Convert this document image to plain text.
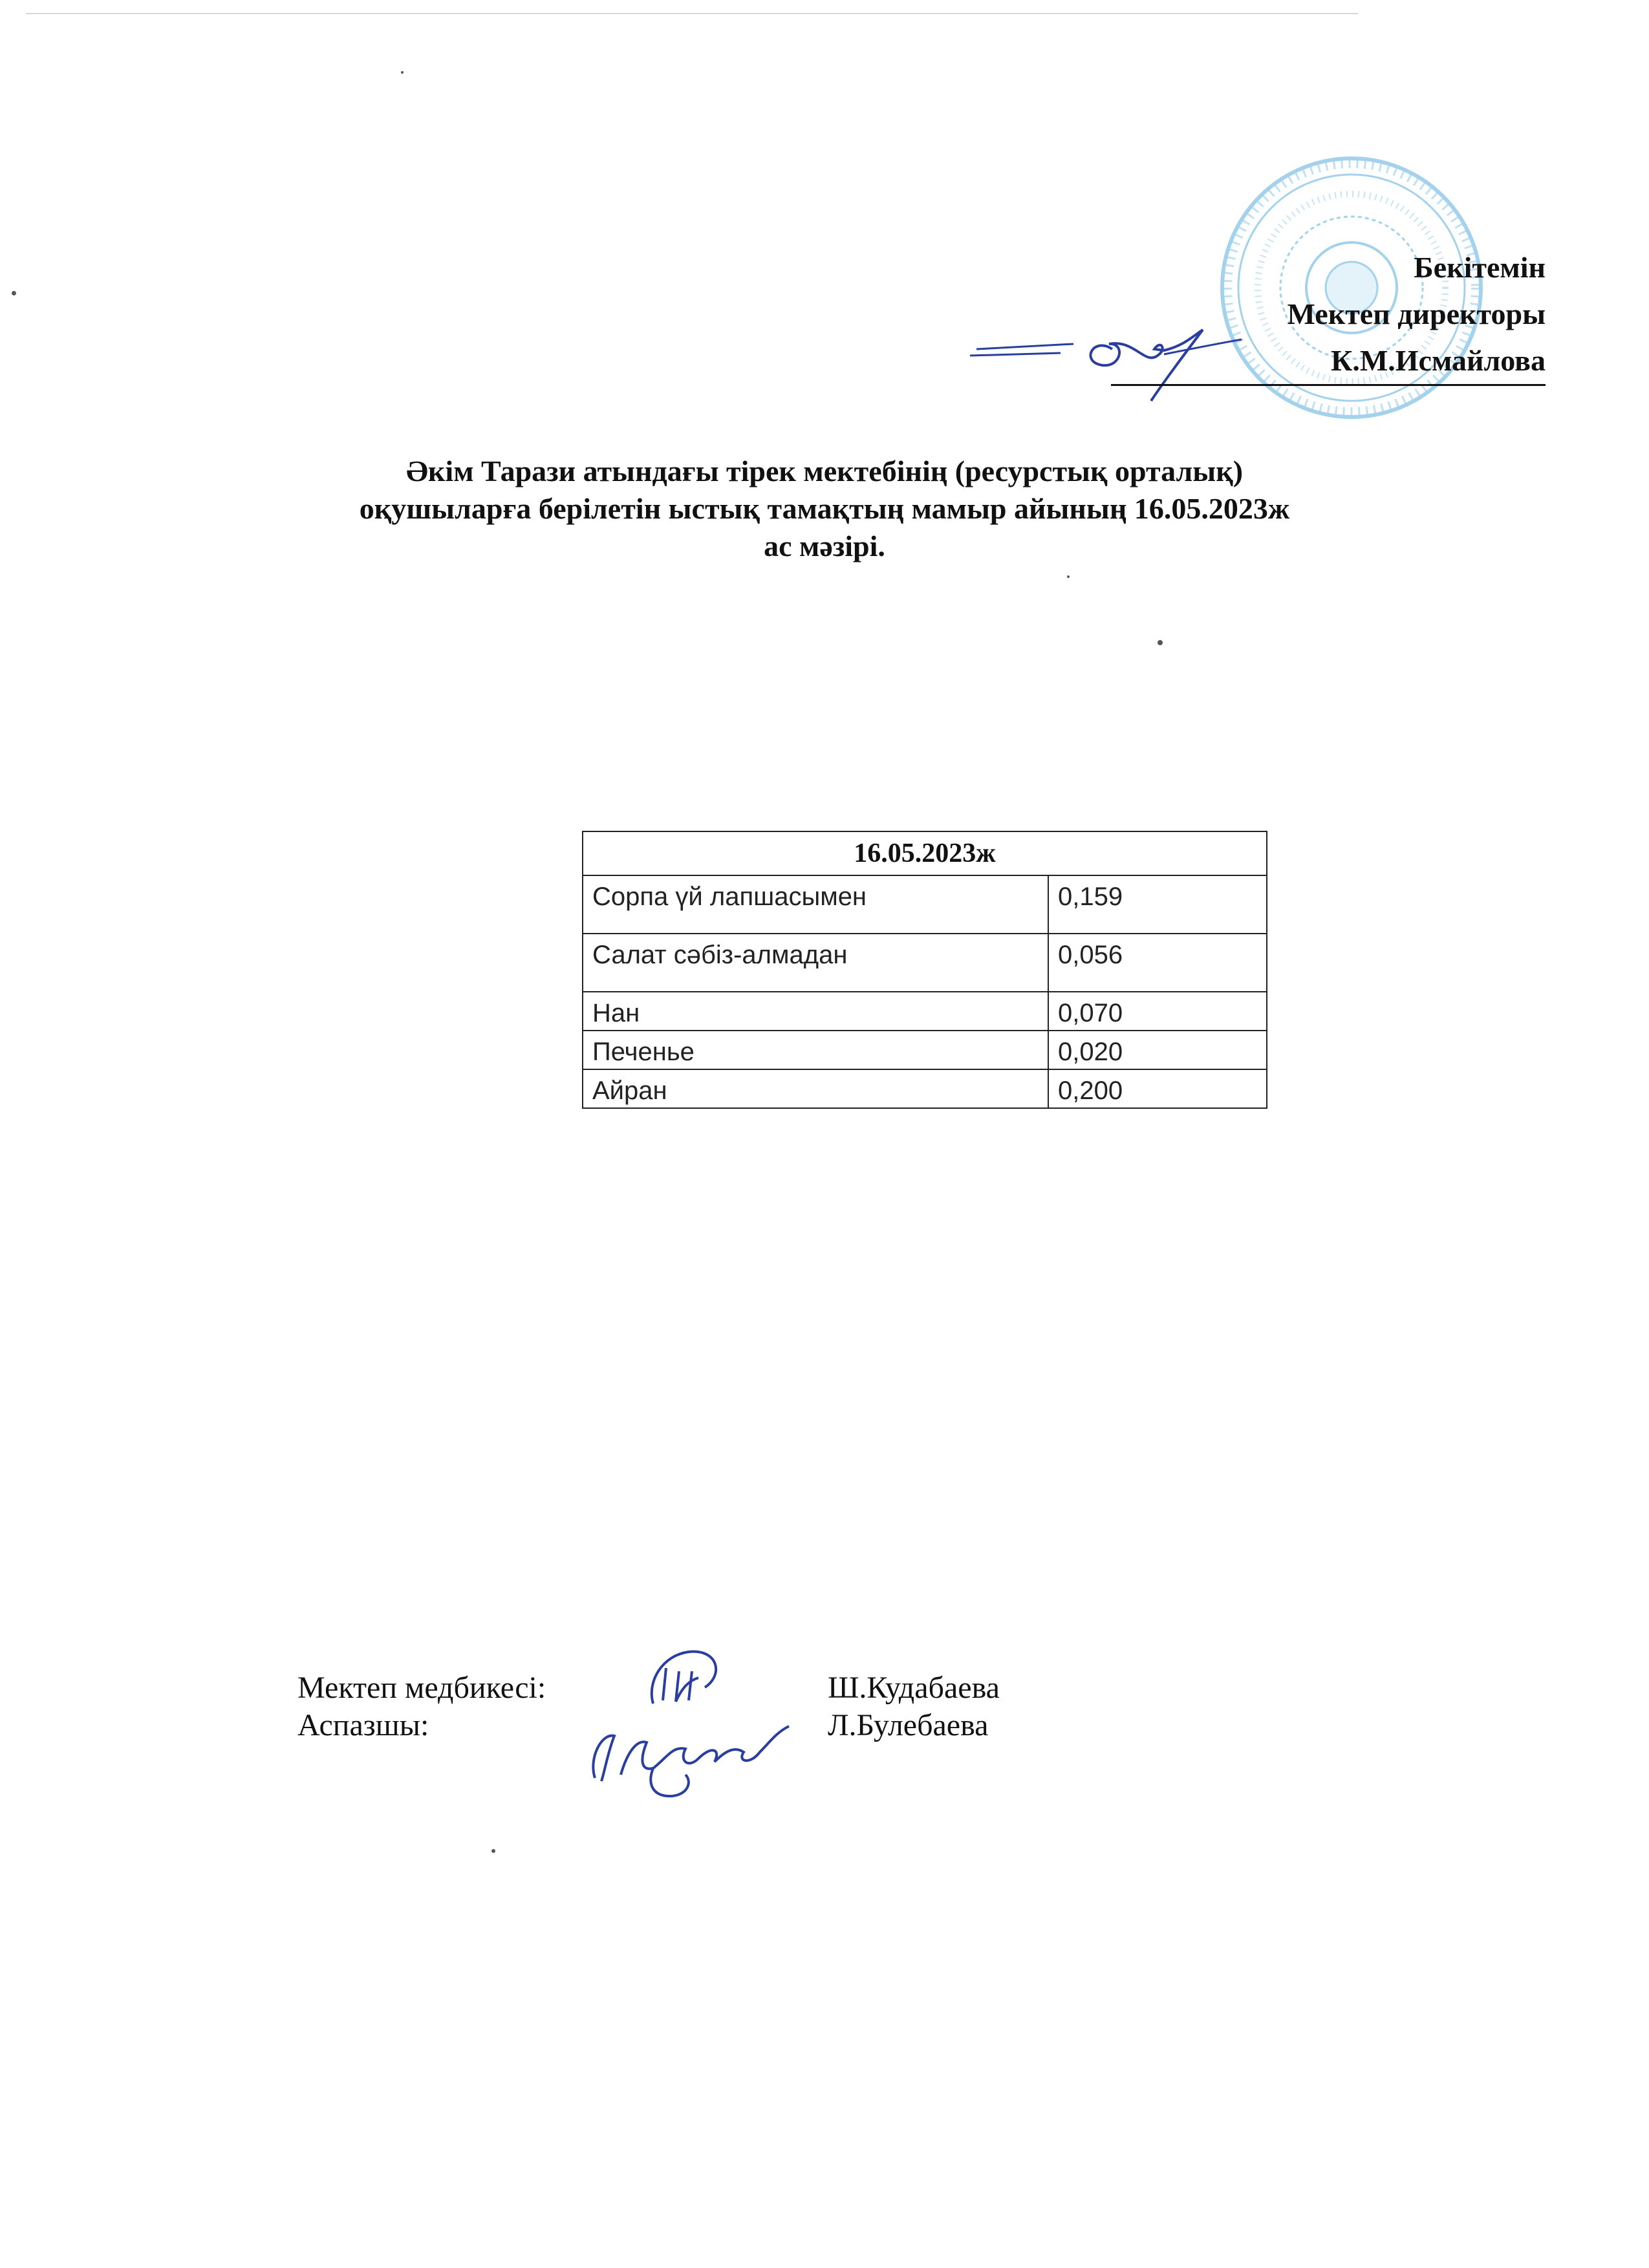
Бекітемін
Мектеп директоры
К.М.Исмайлова
Әкім Тарази атындағы тірек мектебінің (ресурстық орталық)
оқушыларға берілетін ыстық тамақтың мамыр айының 16.05.2023ж
ас мәзірі.
16.05.2023ж	
Сорпа үй лапшасымен	0,159
Салат сәбіз-алмадан	0,056
Нан	0,070
Печенье	0,020
Айран	0,200
Мектеп медбикесі:	Ш.Кудабаева
Аспазшы:	Л.Булебаева
